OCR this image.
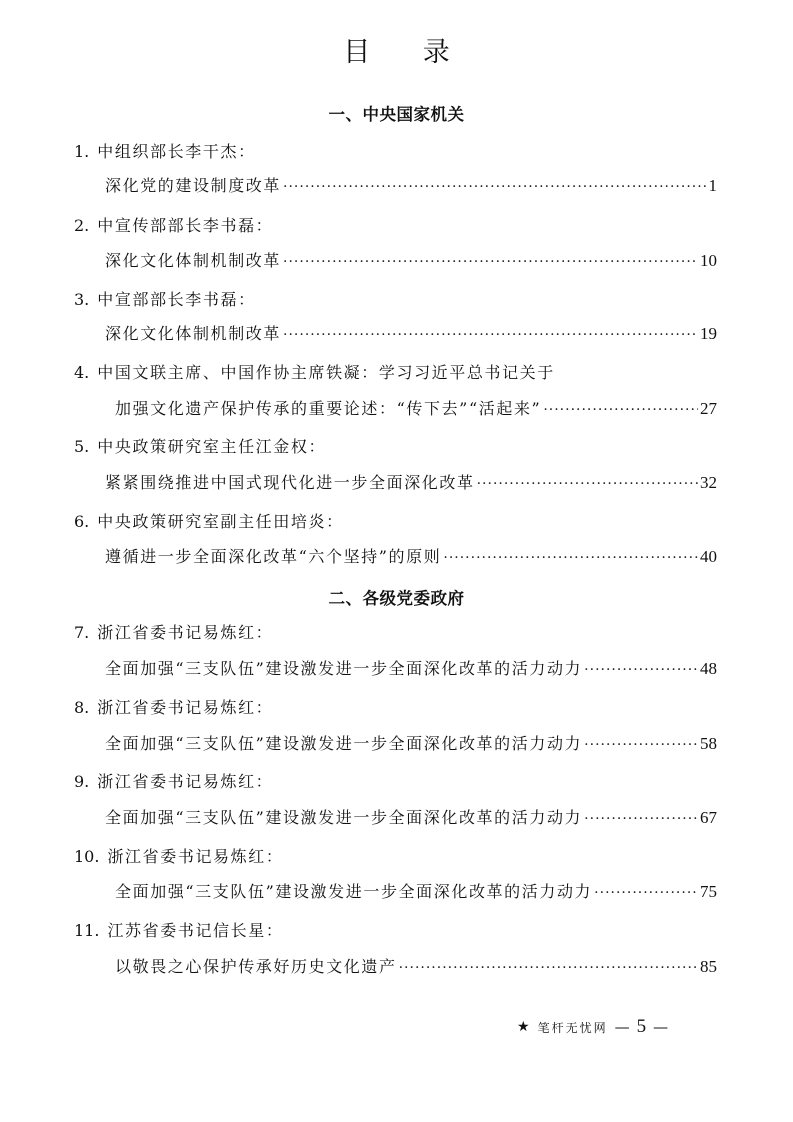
目 录
一、中央国家机关
1. 中组织部长李干杰：
深化党的建设制度改革 ·····	1
2. 中宣传部部长李书磊：
深化文化体制机制改革 ·····	10
3. 中宣部部长李书磊：
深化文化体制机制改革 ·····	19
4. 中国文联主席、中国作协主席铁凝：学习习近平总书记关于
加强文化遗产保护传承的重要论述：“传下去”“活起来” ·····	27
5. 中央政策研究室主任江金权：
紧紧围绕推进中国式现代化进一步全面深化改革 ·····	32
6. 中央政策研究室副主任田培炎：
遵循进一步全面深化改革“六个坚持”的原则 ·····	40
二、各级党委政府
7. 浙江省委书记易炼红：
全面加强“三支队伍”建设激发进一步全面深化改革的活力动力 ·····	48
8. 浙江省委书记易炼红：
全面加强“三支队伍”建设激发进一步全面深化改革的活力动力 ·····	58
9. 浙江省委书记易炼红：
全面加强“三支队伍”建设激发进一步全面深化改革的活力动力 ·····	67
10. 浙江省委书记易炼红：
全面加强“三支队伍”建设激发进一步全面深化改革的活力动力 ·····	75
11. 江苏省委书记信长星：
以敬畏之心保护传承好历史文化遗产 ·····	85
★ 笔杆无忧网 — 5 —
